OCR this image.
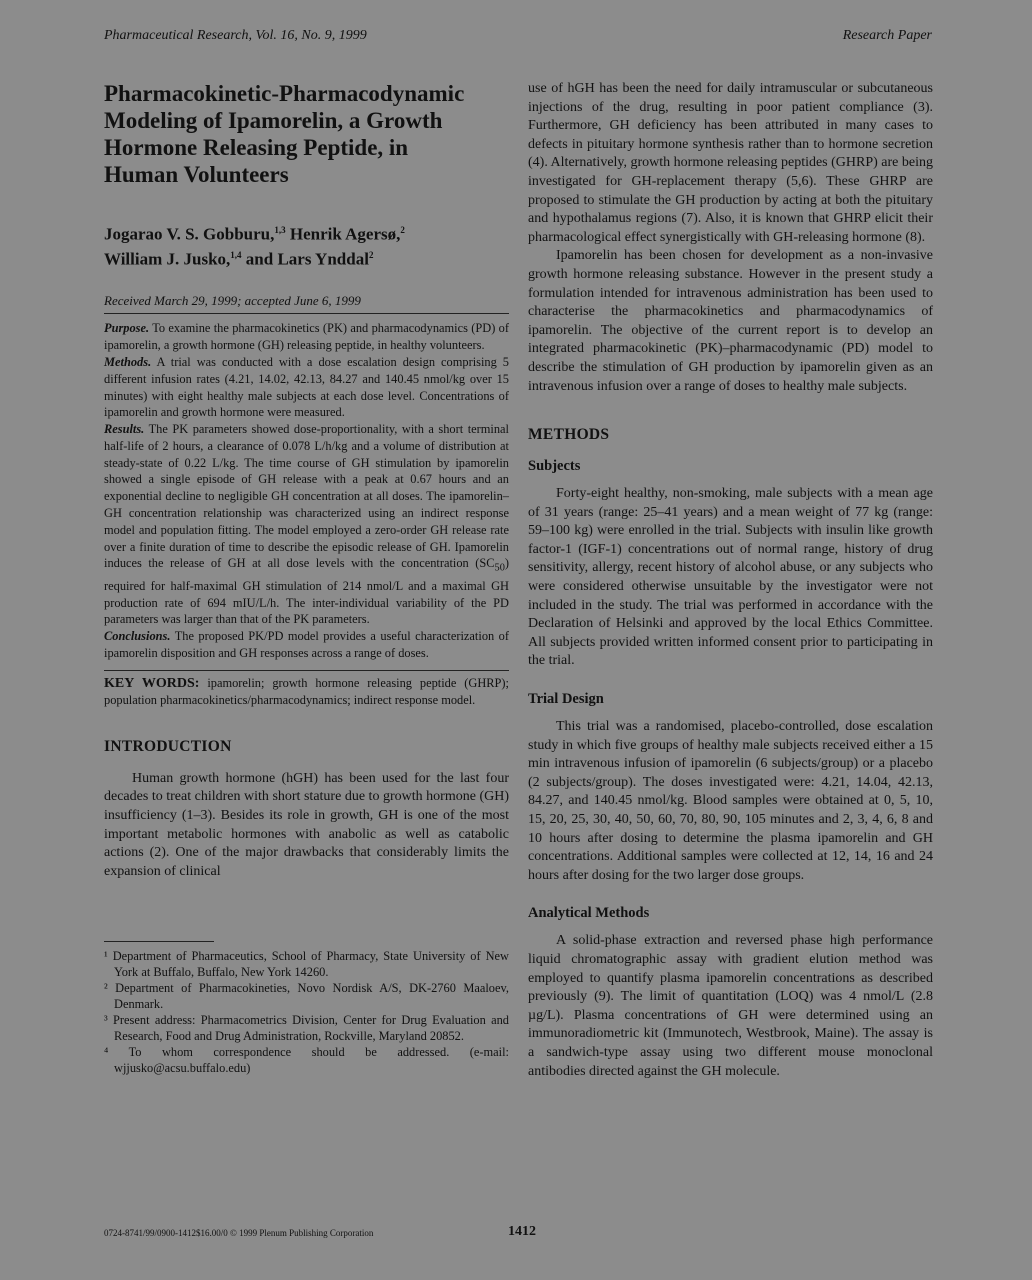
Pharmaceutical Research, Vol. 16, No. 9, 1999	Research Paper
Pharmacokinetic-Pharmacodynamic Modeling of Ipamorelin, a Growth Hormone Releasing Peptide, in Human Volunteers
Jogarao V. S. Gobburu,$^{1,3}$ Henrik Agersø,$^2$
William J. Jusko,$^{1,4}$ and Lars Ynddal$^2$
Received March 29, 1999; accepted June 6, 1999

Purpose. To examine the pharmacokinetics (PK) and pharmacodynamics (PD) of ipamorelin, a growth hormone (GH) releasing peptide, in healthy volunteers.

Methods. A trial was conducted with a dose escalation design comprising 5 different infusion rates (4.21, 14.02, 42.13, 84.27 and 140.45 nmol/kg over 15 minutes) with eight healthy male subjects at each dose level. Concentrations of ipamorelin and growth hormone were measured.

Results. The PK parameters showed dose-proportionality, with a short terminal half-life of 2 hours, a clearance of 0.078 L/h/kg and a volume of distribution at steady-state of 0.22 L/kg. The time course of GH stimulation by ipamorelin showed a single episode of GH release with a peak at 0.67 hours and an exponential decline to negligible GH concentration at all doses. The ipamorelin–GH concentration relationship was characterized using an indirect response model and population fitting. The model employed a zero-order GH release rate over a finite duration of time to describe the episodic release of GH. Ipamorelin induces the release of GH at all dose levels with the concentration $(SC_{50})$ required for half-maximal GH stimulation of 214 nmol/L and a maximal GH production rate of 694 mIU/L/h. The inter-individual variability of the PD parameters was larger than that of the PK parameters.

Conclusions. The proposed PK/PD model provides a useful characterization of ipamorelin disposition and GH responses across a range of doses.

KEY WORDS: ipamorelin; growth hormone releasing peptide (GHRP); population pharmacokinetics/pharmacodynamics; indirect response model.

INTRODUCTION

Human growth hormone (hGH) has been used for the last four decades to treat children with short stature due to growth hormone (GH) insufficiency (1–3). Besides its role in growth, GH is one of the most important metabolic hormones with anabolic as well as catabolic actions (2). One of the major drawbacks that considerably limits the expansion of clinical

¹ Department of Pharmaceutics, School of Pharmacy, State University of New York at Buffalo, Buffalo, New York 14260.

² Department of Pharmacokineties, Novo Nordisk A/S, DK-2760 Maaloev, Denmark.

³ Present address: Pharmacometrics Division, Center for Drug Evaluation and Research, Food and Drug Administration, Rockville, Maryland 20852.

⁴ To whom correspondence should be addressed. (e-mail: wjjusko@acsu.buffalo.edu)

use of hGH has been the need for daily intramuscular or subcutaneous injections of the drug, resulting in poor patient compliance (3). Furthermore, GH deficiency has been attributed in many cases to defects in pituitary hormone synthesis rather than to hormone secretion (4). Alternatively, growth hormone releasing peptides (GHRP) are being investigated for GH-replacement therapy (5,6). These GHRP are proposed to stimulate the GH production by acting at both the pituitary and hypothalamus regions (7). Also, it is known that GHRP elicit their pharmacological effect synergistically with GH-releasing hormone (8).

Ipamorelin has been chosen for development as a non-invasive growth hormone releasing substance. However in the present study a formulation intended for intravenous administration has been used to characterise the pharmacokinetics and pharmacodynamics of ipamorelin. The objective of the current report is to develop an integrated pharmacokinetic (PK)–pharmacodynamic (PD) model to describe the stimulation of GH production by ipamorelin given as an intravenous infusion over a range of doses to healthy male subjects.

METHODS
Subjects

Forty-eight healthy, non-smoking, male subjects with a mean age of 31 years (range: 25–41 years) and a mean weight of 77 kg (range: 59–100 kg) were enrolled in the trial. Subjects with insulin like growth factor-1 (IGF-1) concentrations out of normal range, history of drug sensitivity, allergy, recent history of alcohol abuse, or any subjects who were considered otherwise unsuitable by the investigator were not included in the study. The trial was performed in accordance with the Declaration of Helsinki and approved by the local Ethics Committee. All subjects provided written informed consent prior to participating in the trial.

Trial Design

This trial was a randomised, placebo-controlled, dose escalation study in which five groups of healthy male subjects received either a 15 min intravenous infusion of ipamorelin (6 subjects/group) or a placebo (2 subjects/group). The doses investigated were: 4.21, 14.04, 42.13, 84.27, and 140.45 nmol/kg. Blood samples were obtained at 0, 5, 10, 15, 20, 25, 30, 40, 50, 60, 70, 80, 90, 105 minutes and 2, 3, 4, 6, 8 and 10 hours after dosing to determine the plasma ipamorelin and GH concentrations. Additional samples were collected at 12, 14, 16 and 24 hours after dosing for the two larger dose groups.

Analytical Methods

A solid-phase extraction and reversed phase high performance liquid chromatographic assay with gradient elution method was employed to quantify plasma ipamorelin concentrations as described previously (9). The limit of quantitation (LOQ) was 4 nmol/L (2.8 µg/L). Plasma concentrations of GH were determined using an immunoradiometric kit (Immunotech, Westbrook, Maine). The assay is a sandwich-type assay using two different mouse monoclonal antibodies directed against the GH molecule.

0724-8741/99/0900-1412$16.00/0 © 1999 Plenum Publishing Corporation	1412
